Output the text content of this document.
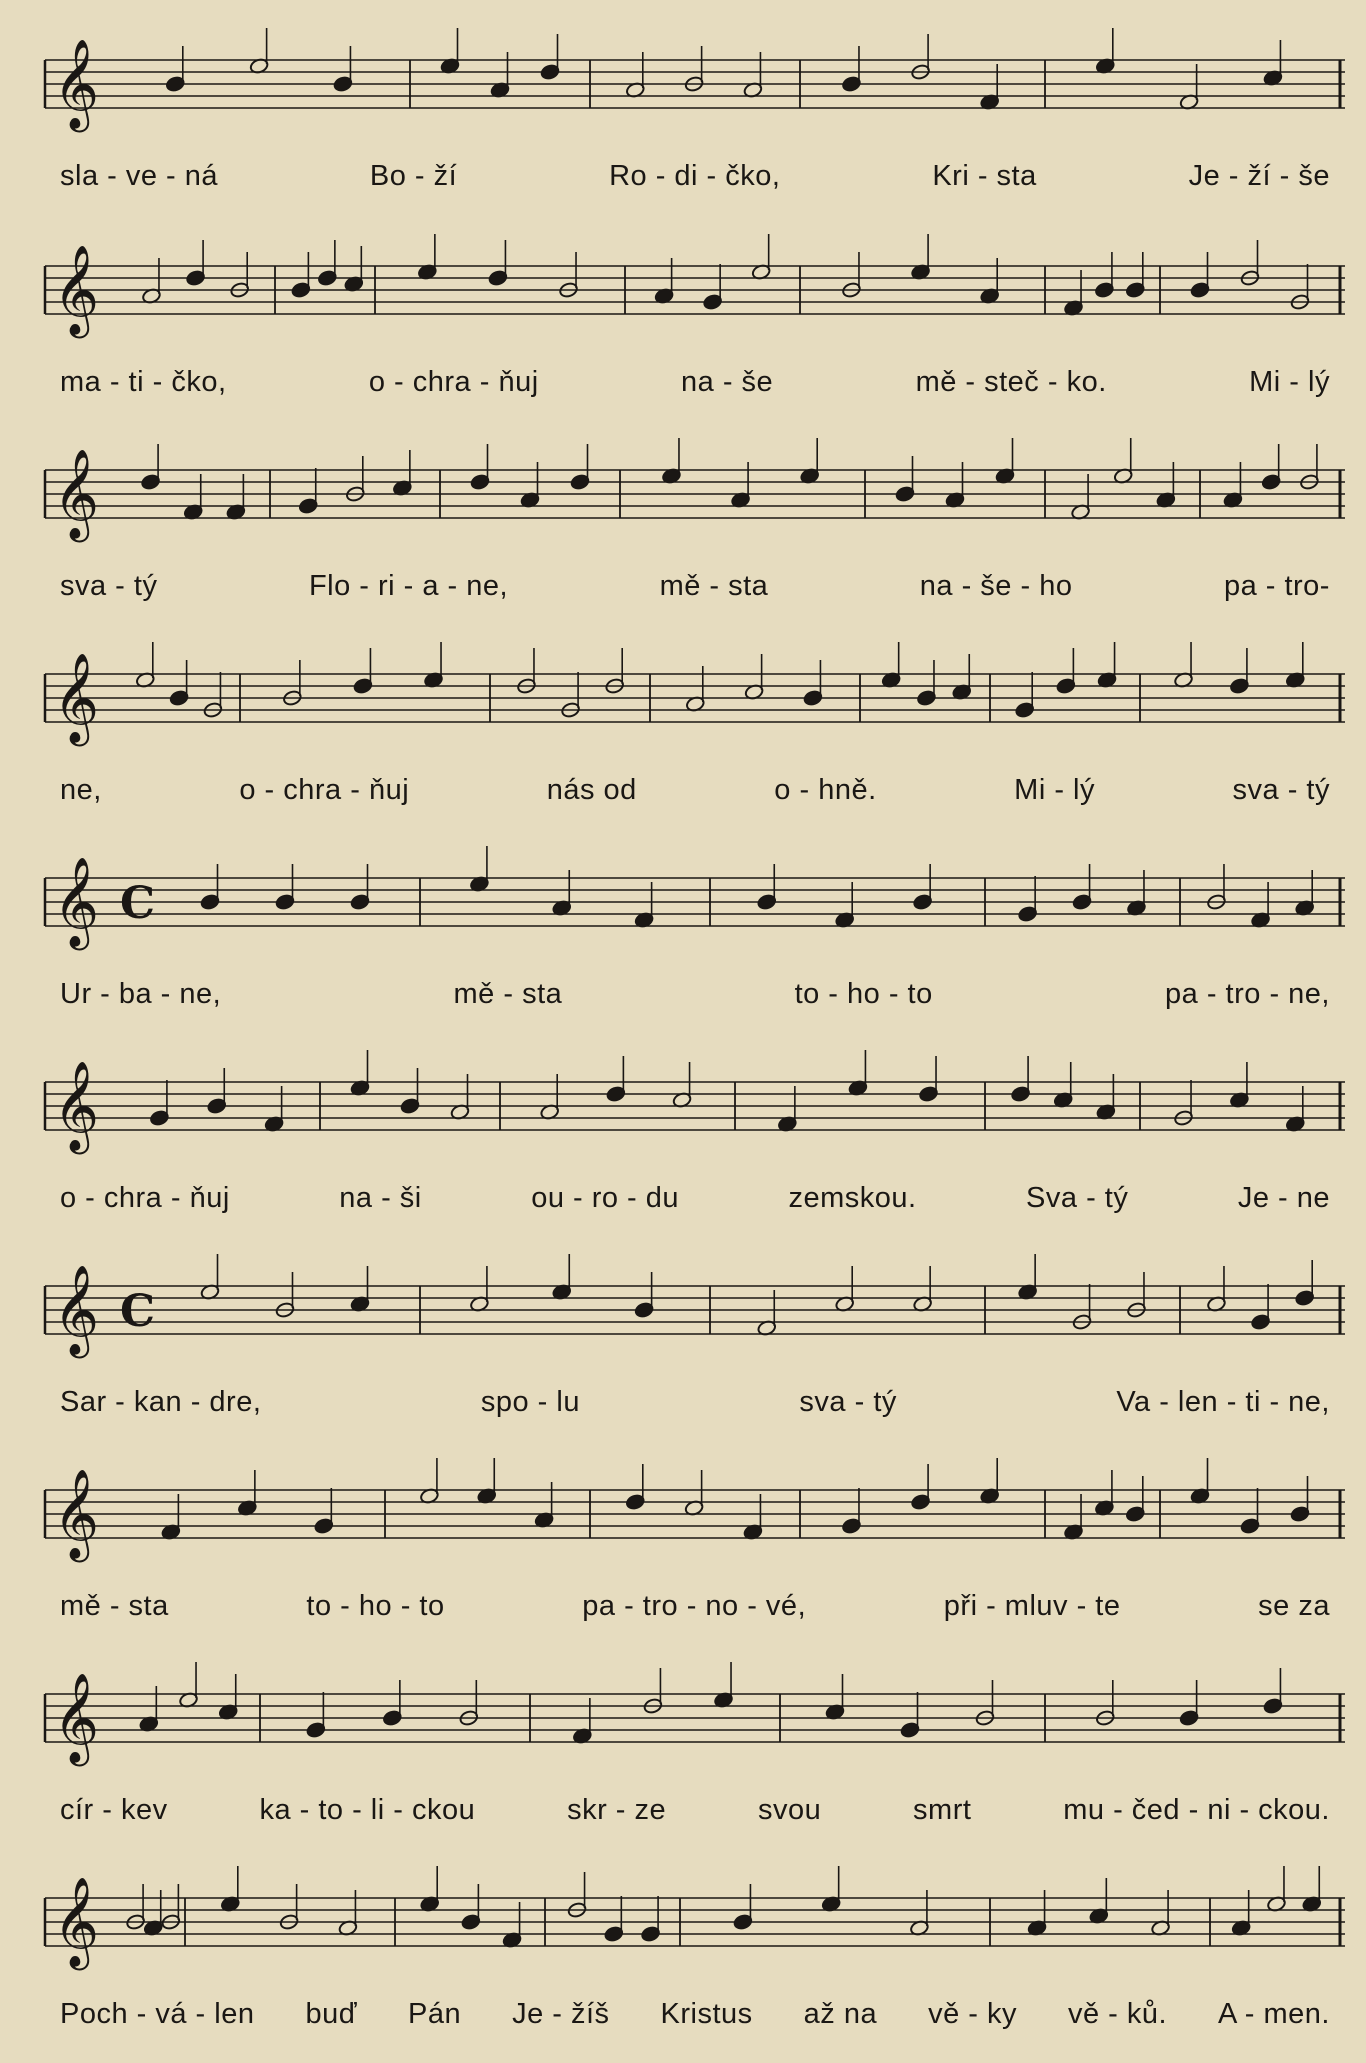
𝄞
sla - ve - ná	Bo - ží	Ro - di - čko,	Kri - sta	Je - ží - še
𝄞
ma - ti - čko,	o - chra - ňuj	na - še	mě - steč - ko.	Mi - lý
𝄞
sva - tý	Flo - ri - a - ne,	mě - sta	na - še - ho	pa - tro-
𝄞
ne,	o - chra - ňuj	nás od	o - hně.	Mi - lý	sva - tý
𝄞 C
Ur - ba - ne,	mě - sta	to - ho - to	pa - tro - ne,
𝄞
o - chra - ňuj	na - ši	ou - ro - du	zemskou.	Sva - tý	Je - ne
𝄞 C
Sar - kan - dre,	spo - lu	sva - tý	Va - len - ti - ne,
𝄞
mě - sta	to - ho - to	pa - tro - no - vé,	při - mluv - te	se za
𝄞
cír - kev	ka - to - li - ckou	skr - ze	svou	smrt	mu - čed - ni - ckou.
𝄞
Poch - vá - len buď Pán Je - žíš Kristus až na vě - ky vě - ků. A - men.
